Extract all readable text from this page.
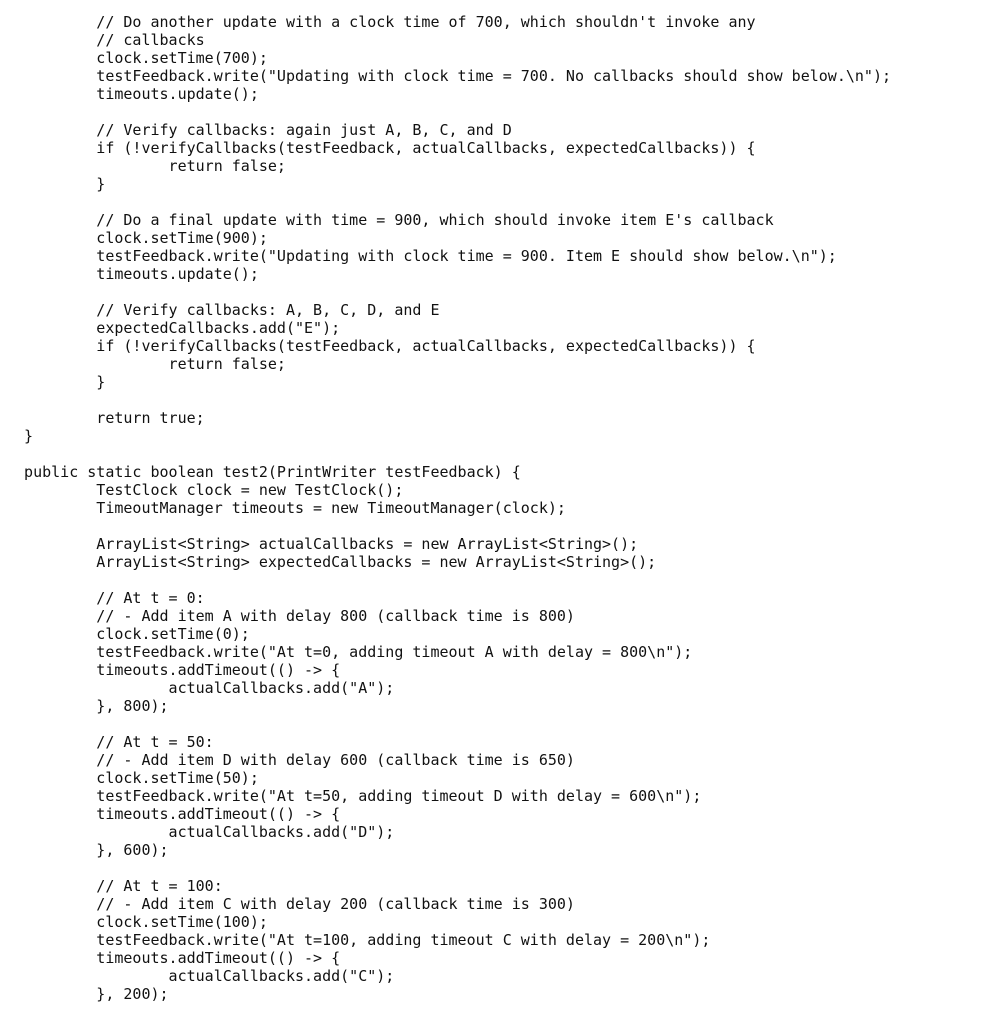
// Do another update with a clock time of 700, which shouldn't invoke any
// callbacks
clock.setTime(700);
testFeedback.write("Updating with clock time = 700. No callbacks should show below.\n");
timeouts.update();
// Verify callbacks: again just A, B, C, and D
if (!verifyCallbacks(testFeedback, actualCallbacks, expectedCallbacks)) {
return false;
}
// Do a final update with time = 900, which should invoke item E's callback
clock.setTime(900);
testFeedback.write("Updating with clock time = 900. Item E should show below.\n");
timeouts.update();
// Verify callbacks: A, B, C, D, and E
expectedCallbacks.add("E");
if (!verifyCallbacks(testFeedback, actualCallbacks, expectedCallbacks)) {
return false;
}
return true;
}
public static boolean test2(PrintWriter testFeedback) {
TestClock clock = new TestClock();
TimeoutManager timeouts = new TimeoutManager(clock);
ArrayList<String> actualCallbacks = new ArrayList<String>();
ArrayList<String> expectedCallbacks = new ArrayList<String>();
// At t = 0:
// - Add item A with delay 800 (callback time is 800)
clock.setTime(0);
testFeedback.write("At t=0, adding timeout A with delay = 800\n");
timeouts.addTimeout(() -> {
actualCallbacks.add("A");
}, 800);
// At t = 50:
// - Add item D with delay 600 (callback time is 650)
clock.setTime(50);
testFeedback.write("At t=50, adding timeout D with delay = 600\n");
timeouts.addTimeout(() -> {
actualCallbacks.add("D");
}, 600);
// At t = 100:
// - Add item C with delay 200 (callback time is 300)
clock.setTime(100);
testFeedback.write("At t=100, adding timeout C with delay = 200\n");
timeouts.addTimeout(() -> {
actualCallbacks.add("C");
}, 200);
